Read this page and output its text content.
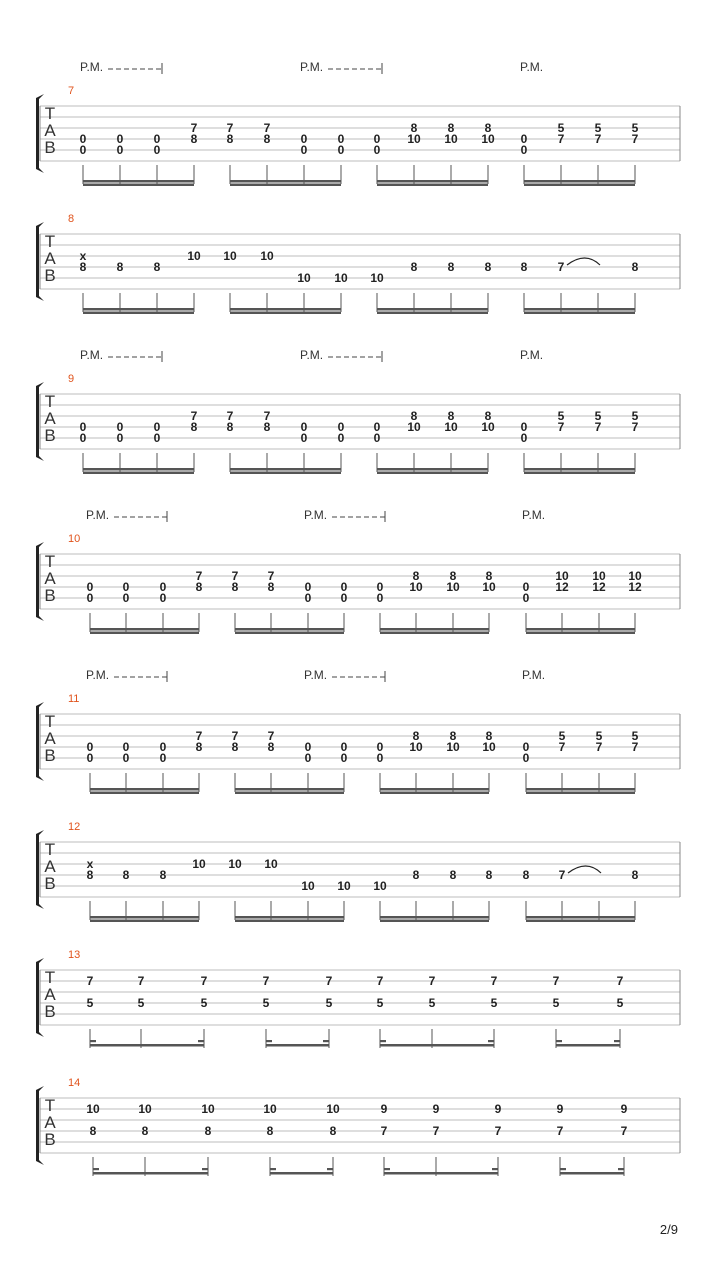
T
A
B
7
P.M.	P.M.	P.M.
0
0
0
0
0
0
7
8
7
8
7
8	0
0
0
0
0
0
8
10
8
10
8
10 0
0
5
7
5
7
5
7
T
A
B
8
x
8	8	8
10 10 10
10 10 10
8	8	8 8	7	8
T
A
B
9
P.M.	P.M.	P.M.
0
0
0
0
0
0
7
8
7
8
7
8	0
0
0
0
0
0
8
10
8
10
8
10 0
0
5
7
5
7
5
7
T
A
B
10
P.M.	P.M.	P.M.
0
0
0
0
0
0
7
8
7
8
7
8	0
0
0
0
0
0
8
10
8
10
8
10 0
0
10
12
10
12
10
12
T
A
B
11
P.M.	P.M.	P.M.
0
0
0
0
0
0
7
8
7
8
7
8	0
0
0
0
0
0
8
10
8
10
8
10 0
0
5
7
5
7
5
7
T
A
B
12
x
8 8	8
10 10 10
10 10 10
8	8 8	8 7	8
T
A
B
13
7
5
7
5
7
5
7
5
7
5
7
5
7
5
7
5
7
5
7
5
T
A
B
14
10
8
10
8
10
8
10
8
10
8
9
7
9
7
9
7
9
7
9
7
2/9
